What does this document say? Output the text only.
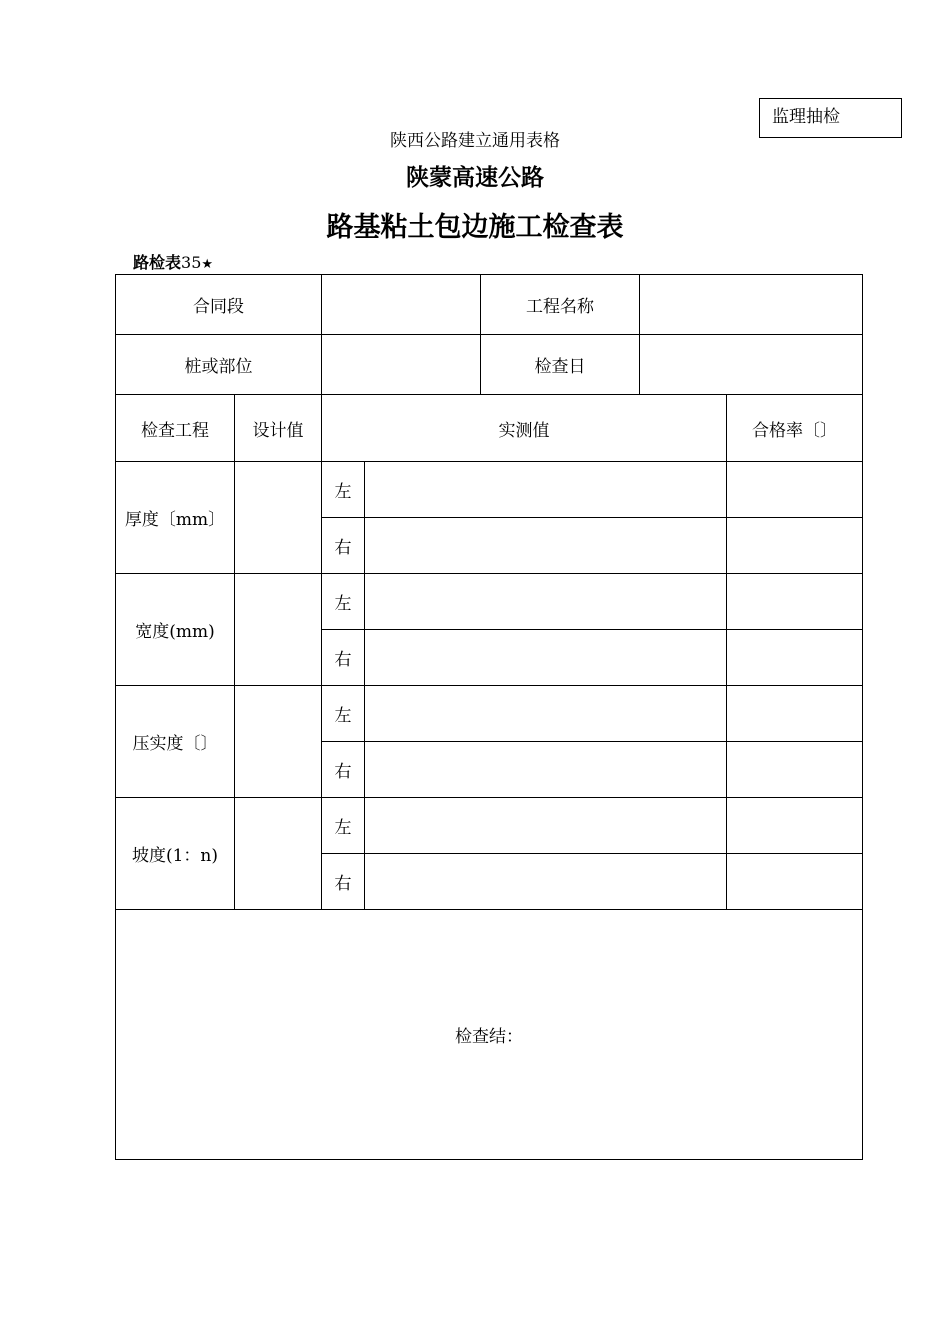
监理抽检
陕西公路建立通用表格
陕蒙高速公路
路基粘土包边施工检查表
路检表35★
合同段				工程名称		
桩或部位				检查日		
检查工程	设计值	实测值				合格率〔〕
厚度〔mm〕		左				
		右				
宽度(mm)		左				
		右				
压实度〔〕		左				
		右				
坡度(1：n)		左				
		右				
检查结：						
